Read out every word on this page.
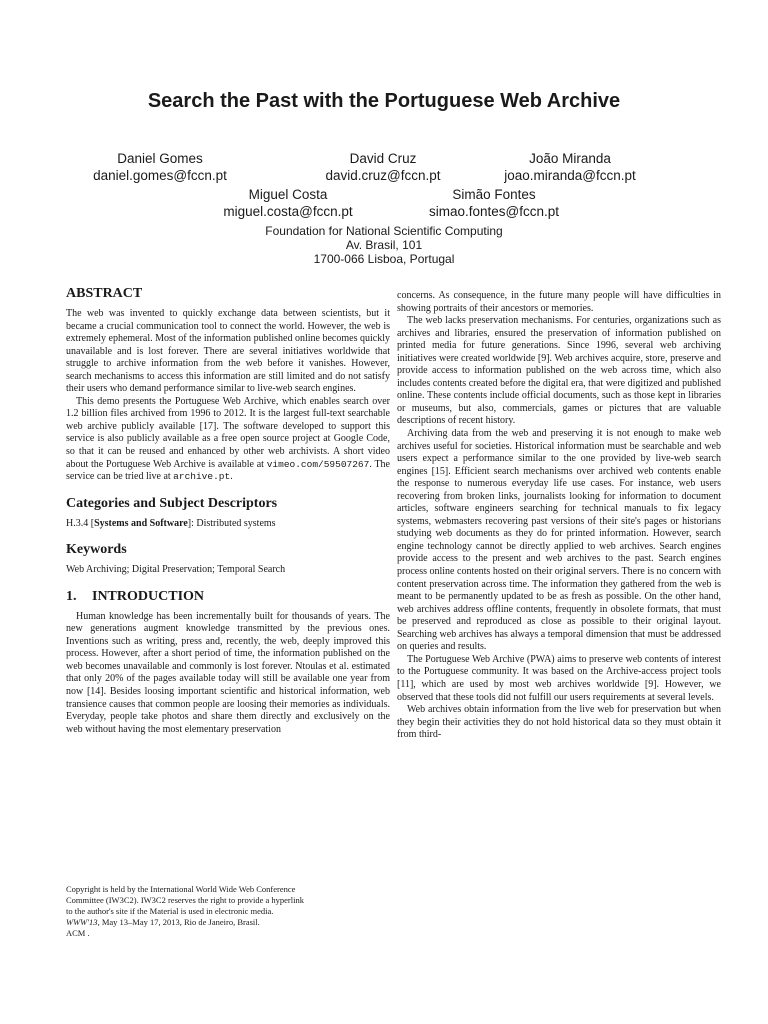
Search the Past with the Portuguese Web Archive
Daniel Gomes
daniel.gomes@fccn.pt
David Cruz
david.cruz@fccn.pt
João Miranda
joao.miranda@fccn.pt
Miguel Costa
miguel.costa@fccn.pt
Simão Fontes
simao.fontes@fccn.pt
Foundation for National Scientific Computing
Av. Brasil, 101
1700-066 Lisboa, Portugal
ABSTRACT

The web was invented to quickly exchange data between scientists, but it became a crucial communication tool to connect the world. However, the web is extremely ephemeral. Most of the information published online becomes quickly unavailable and is lost forever. There are several initiatives worldwide that struggle to archive information from the web before it vanishes. However, search mechanisms to access this information are still limited and do not satisfy their users who demand performance similar to live-web search engines.

This demo presents the Portuguese Web Archive, which enables search over 1.2 billion files archived from 1996 to 2012. It is the largest full-text searchable web archive publicly available [17]. The software developed to support this service is also publicly available as a free open source project at Google Code, so that it can be reused and enhanced by other web archivists. A short video about the Portuguese Web Archive is available at vimeo.com/59507267. The service can be tried live at archive.pt.

Categories and Subject Descriptors

H.3.4 [Systems and Software]: Distributed systems

Keywords

Web Archiving; Digital Preservation; Temporal Search

1. INTRODUCTION

Human knowledge has been incrementally built for thousands of years. The new generations augment knowledge transmitted by the previous ones. Inventions such as writing, press and, recently, the web, deeply improved this process. However, after a short period of time, the information published on the web becomes unavailable and commonly is lost forever. Ntoulas et al. estimated that only 20% of the pages available today will still be available one year from now [14]. Besides loosing important scientific and historical information, web transience causes that common people are loosing their memories as individuals. Everyday, people take photos and share them directly and exclusively on the web without having the most elementary preservation

Copyright is held by the International World Wide Web Conference
Committee (IW3C2). IW3C2 reserves the right to provide a hyperlink
to the author's site if the Material is used in electronic media.
WWW'13, May 13–May 17, 2013, Rio de Janeiro, Brasil.
ACM .

concerns. As consequence, in the future many people will have difficulties in showing portraits of their ancestors or memories.

The web lacks preservation mechanisms. For centuries, organizations such as archives and libraries, ensured the preservation of information published on printed media for future generations. Since 1996, several web archiving initiatives were created worldwide [9]. Web archives acquire, store, preserve and provide access to information published on the web across time, which also includes contents created before the digital era, that were digitized and published online. These contents include official documents, such as those kept in libraries or museums, but also, commercials, games or pictures that are valuable descriptions of recent history.

Archiving data from the web and preserving it is not enough to make web archives useful for societies. Historical information must be searchable and web users expect a performance similar to the one provided by live-web search engines [15]. Efficient search mechanisms over archived web contents enable the response to numerous everyday life use cases. For instance, web users recovering from broken links, journalists looking for information to document articles, software engineers searching for technical manuals to fix legacy systems, webmasters recovering past versions of their site's pages or historians studying web documents as they do for printed information. However, search engine technology cannot be directly applied to web archives. Search engines provide access to the present and web archives to the past. Search engines process online contents hosted on their original servers. There is no concern with content preservation across time. The information they gathered from the web is meant to be permanently updated to be as fresh as possible. On the other hand, web archives address offline contents, frequently in obsolete formats, that must be preserved and reproduced as close as possible to their original layout. Searching web archives has always a temporal dimension that must be addressed on queries and results.

The Portuguese Web Archive (PWA) aims to preserve web contents of interest to the Portuguese community. It was based on the Archive-access project tools [11], which are used by most web archives worldwide [9]. However, we observed that these tools did not fulfill our users requirements at several levels.

Web archives obtain information from the live web for preservation but when they begin their activities they do not hold historical data so they must obtain it from third-
